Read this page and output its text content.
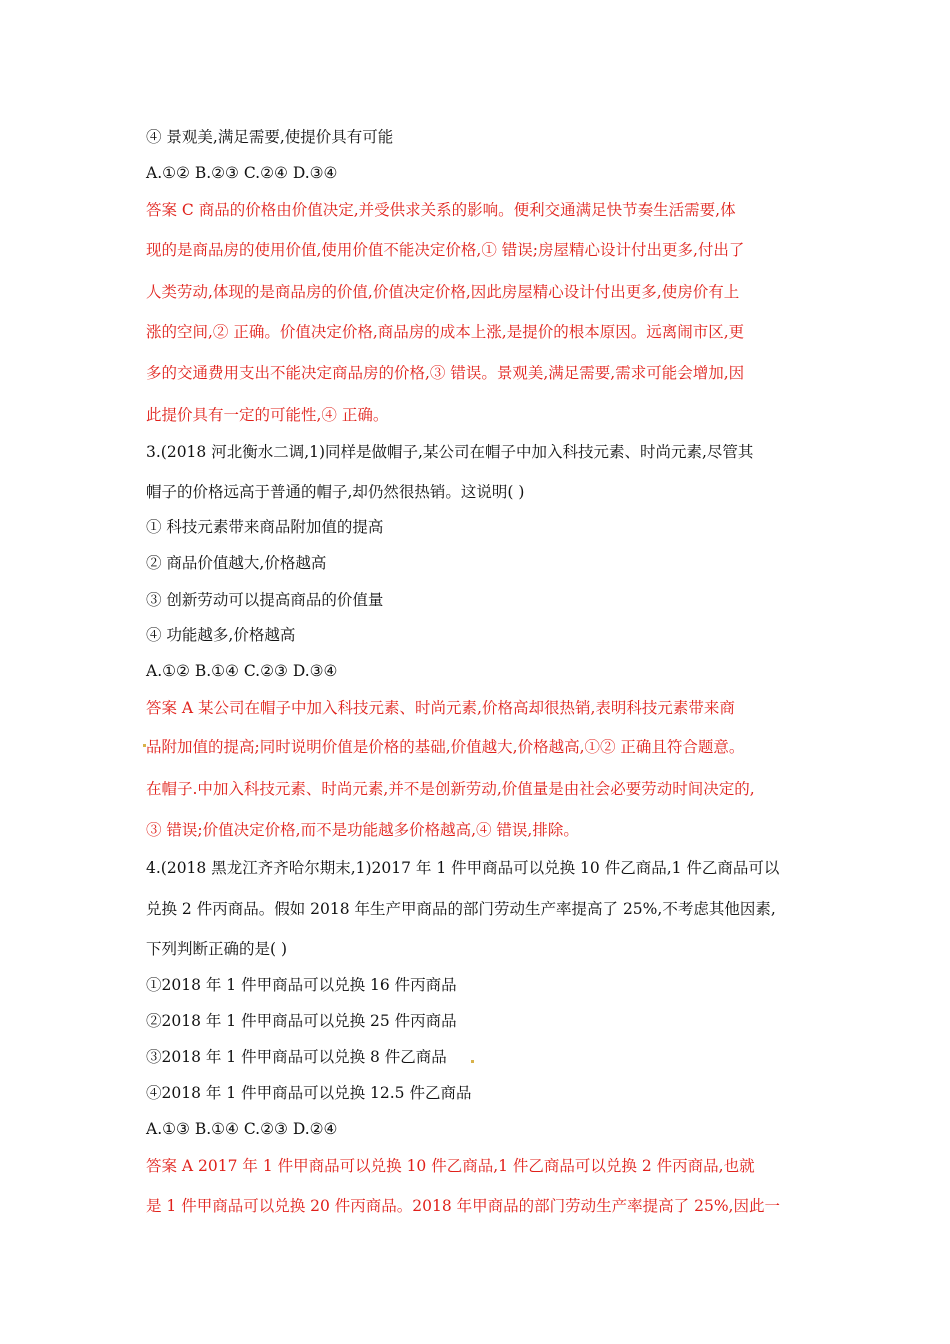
④ 景观美,满足需要,使提价具有可能
A.①② B.②③ C.②④ D.③④
答案 C 商品的价格由价值决定,并受供求关系的影响。便利交通满足快节奏生活需要,体
现的是商品房的使用价值,使用价值不能决定价格,① 错误;房屋精心设计付出更多,付出了
人类劳动,体现的是商品房的价值,价值决定价格,因此房屋精心设计付出更多,使房价有上
涨的空间,② 正确。价值决定价格,商品房的成本上涨,是提价的根本原因。远离闹市区,更
多的交通费用支出不能决定商品房的价格,③ 错误。景观美,满足需要,需求可能会增加,因
此提价具有一定的可能性,④ 正确。
3.(2018 河北衡水二调,1)同样是做帽子,某公司在帽子中加入科技元素、时尚元素,尽管其
帽子的价格远高于普通的帽子,却仍然很热销。这说明( )
① 科技元素带来商品附加值的提高
② 商品价值越大,价格越高
③ 创新劳动可以提高商品的价值量
④ 功能越多,价格越高
A.①② B.①④ C.②③ D.③④
答案 A 某公司在帽子中加入科技元素、时尚元素,价格高却很热销,表明科技元素带来商
品附加值的提高;同时说明价值是价格的基础,价值越大,价格越高,①② 正确且符合题意。
在帽子.中加入科技元素、时尚元素,并不是创新劳动,价值量是由社会必要劳动时间决定的,
③ 错误;价值决定价格,而不是功能越多价格越高,④ 错误,排除。
4.(2018 黑龙江齐齐哈尔期末,1)2017 年 1 件甲商品可以兑换 10 件乙商品,1 件乙商品可以
兑换 2 件丙商品。假如 2018 年生产甲商品的部门劳动生产率提高了 25%,不考虑其他因素,
下列判断正确的是( )
①2018 年 1 件甲商品可以兑换 16 件丙商品
②2018 年 1 件甲商品可以兑换 25 件丙商品
③2018 年 1 件甲商品可以兑换 8 件乙商品
④2018 年 1 件甲商品可以兑换 12.5 件乙商品
A.①③ B.①④ C.②③ D.②④
答案 A 2017 年 1 件甲商品可以兑换 10 件乙商品,1 件乙商品可以兑换 2 件丙商品,也就
是 1 件甲商品可以兑换 20 件丙商品。2018 年甲商品的部门劳动生产率提高了 25%,因此一
